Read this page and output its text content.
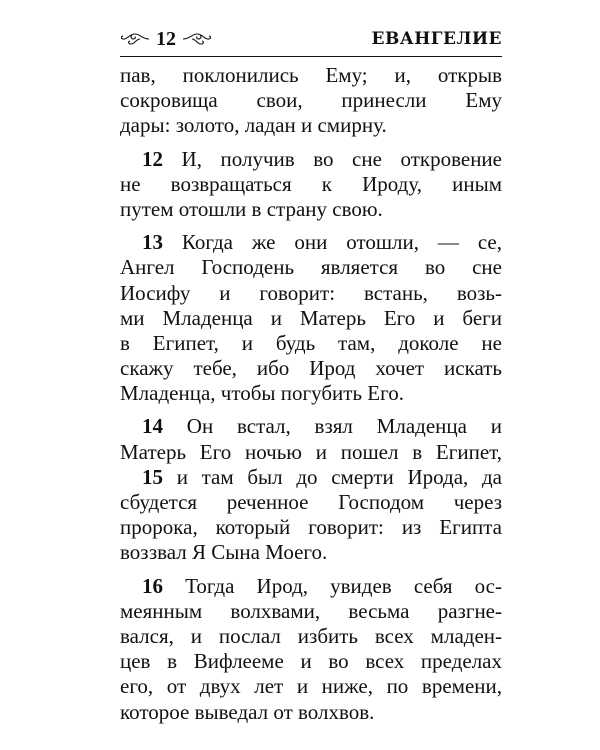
12	ЕВАНГЕЛИЕ
пав, поклонились Ему; и, открыв
сокровища свои, принесли Ему
дары: золото, ладан и смирну.
12 И, получив во сне откровение
не возвращаться к Ироду, иным
путем отошли в страну свою.
13 Когда же они отошли, — се,
Ангел Господень является во сне
Иосифу и говорит: встань, возь-
ми Младенца и Матерь Его и беги
в Египет, и будь там, доколе не
скажу тебе, ибо Ирод хочет искать
Младенца, чтобы погубить Его.
14 Он встал, взял Младенца и
Матерь Его ночью и пошел в Египет,
15 и там был до смерти Ирода, да
сбудется реченное Господом через
пророка, который говорит: из Египта
воззвал Я Сына Моего.
16 Тогда Ирод, увидев себя ос-
меянным волхвами, весьма разгне-
вался, и послал избить всех младен-
цев в Вифлееме и во всех пределах
его, от двух лет и ниже, по времени,
которое выведал от волхвов.
